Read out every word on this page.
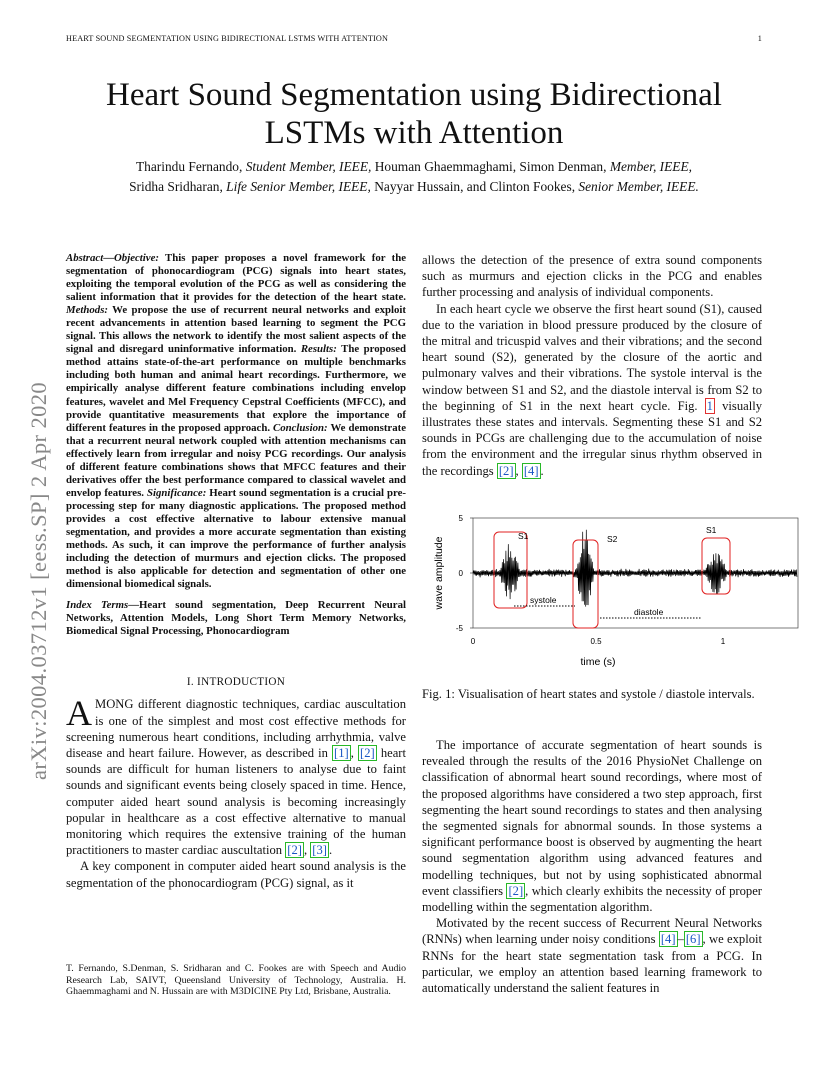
HEART SOUND SEGMENTATION USING BIDIRECTIONAL LSTMS WITH ATTENTION	1
Heart Sound Segmentation using Bidirectional
LSTMs with Attention
Tharindu Fernando, Student Member, IEEE, Houman Ghaemmaghami, Simon Denman, Member, IEEE,
Sridha Sridharan, Life Senior Member, IEEE, Nayyar Hussain, and Clinton Fookes, Senior Member, IEEE.
arXiv:2004.03712v1 [eess.SP] 2 Apr 2020
Abstract—Objective: This paper proposes a novel framework for the segmentation of phonocardiogram (PCG) signals into heart states, exploiting the temporal evolution of the PCG as well as considering the salient information that it provides for the detection of the heart state. Methods: We propose the use of recurrent neural networks and exploit recent advancements in attention based learning to segment the PCG signal. This allows the network to identify the most salient aspects of the signal and disregard uninformative information. Results: The proposed method attains state-of-the-art performance on multiple benchmarks including both human and animal heart recordings. Furthermore, we empirically analyse different feature combinations including envelop features, wavelet and Mel Frequency Cepstral Coefficients (MFCC), and provide quantitative measurements that explore the importance of different features in the proposed approach. Conclusion: We demonstrate that a recurrent neural network coupled with attention mechanisms can effectively learn from irregular and noisy PCG recordings. Our analysis of different feature combinations shows that MFCC features and their derivatives offer the best performance compared to classical wavelet and envelop features. Significance: Heart sound segmentation is a crucial pre-processing step for many diagnostic applications. The proposed method provides a cost effective alternative to labour extensive manual segmentation, and provides a more accurate segmentation than existing methods. As such, it can improve the performance of further analysis including the detection of murmurs and ejection clicks. The proposed method is also applicable for detection and segmentation of other one dimensional biomedical signals.
Index Terms—Heart sound segmentation, Deep Recurrent Neural Networks, Attention Models, Long Short Term Memory Networks, Biomedical Signal Processing, Phonocardiogram
I. INTRODUCTION

AMONG different diagnostic techniques, cardiac auscultation is one of the simplest and most cost effective methods for screening numerous heart conditions, including arrhythmia, valve disease and heart failure. However, as described in [1] , [2] heart sounds are difficult for human listeners to analyse due to faint sounds and significant events being closely spaced in time. Hence, computer aided heart sound analysis is becoming increasingly popular in healthcare as a cost effective alternative to manual monitoring which requires the extensive training of the human practitioners to master cardiac auscultation [2] , [3] .

A key component in computer aided heart sound analysis is the segmentation of the phonocardiogram (PCG) signal, as it

T. Fernando, S.Denman, S. Sridharan and C. Fookes are with Speech and Audio Research Lab, SAIVT, Queensland University of Technology, Australia. H. Ghaemmaghami and N. Hussain are with M3DICINE Pty Ltd, Brisbane, Australia.

allows the detection of the presence of extra sound components such as murmurs and ejection clicks in the PCG and enables further processing and analysis of individual components.

In each heart cycle we observe the first heart sound (S1), caused due to the variation in blood pressure produced by the closure of the mitral and tricuspid valves and their vibrations; and the second heart sound (S2), generated by the closure of the aortic and pulmonary valves and their vibrations. The systole interval is the window between S1 and S2, and the diastole interval is from S2 to the beginning of S1 in the next heart cycle. Fig. 1 visually illustrates these states and intervals. Segmenting these S1 and S2 sounds in PCGs are challenging due to the accumulation of noise from the environment and the irregular sinus rhythm observed in the recordings [2] , [4] .

5
0
-5
0	0.5	1
time (s)
wave amplitude
S1	S2
S1
systole
diastole
Fig. 1: Visualisation of heart states and systole / diastole intervals.

The importance of accurate segmentation of heart sounds is revealed through the results of the 2016 PhysioNet Challenge on classification of abnormal heart sound recordings, where most of the proposed algorithms have considered a two step approach, first segmenting the heart sound recordings to states and then analysing the segmented signals for abnormal sounds. In those systems a significant performance boost is observed by augmenting the heart sound segmentation algorithm using advanced features and modelling techniques, but not by using sophisticated abnormal event classifiers [2] , which clearly exhibits the necessity of proper modelling within the segmentation algorithm.

Motivated by the recent success of Recurrent Neural Networks (RNNs) when learning under noisy conditions [4] – [6] , we exploit RNNs for the heart state segmentation task from a PCG. In particular, we employ an attention based learning framework to automatically understand the salient features in
